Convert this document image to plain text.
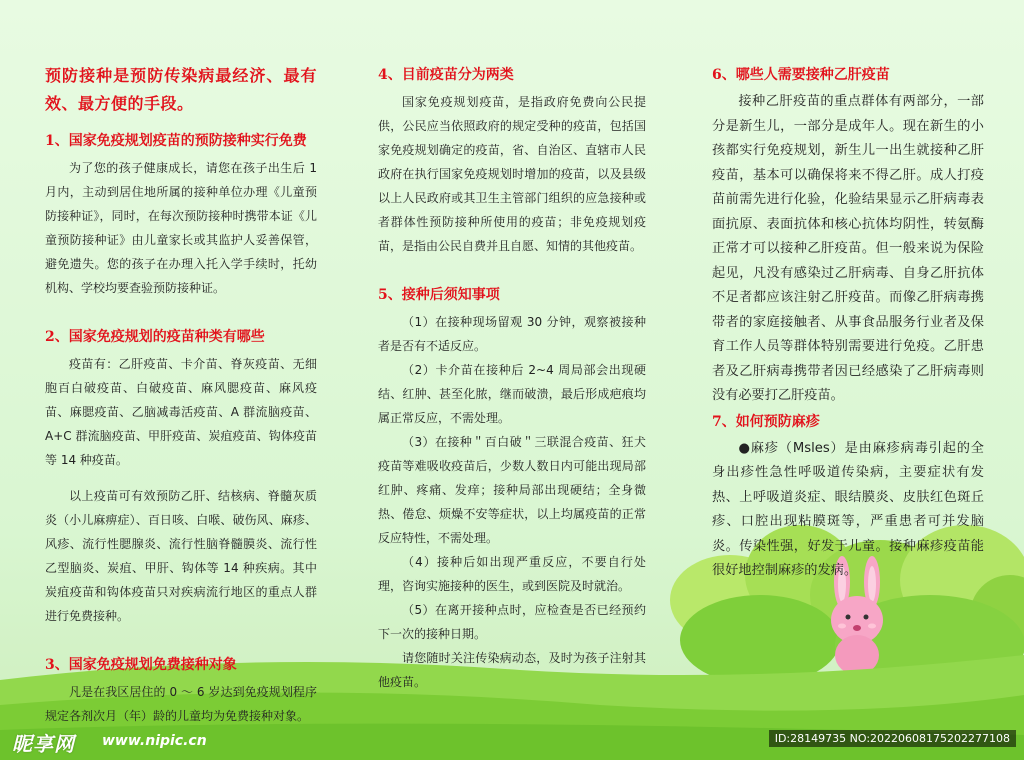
预防接种是预防传染病最经济、最有效、最方便的手段。

1、国家免疫规划疫苗的预防接种实行免费

为了您的孩子健康成长，请您在孩子出生后 1 月内，主动到居住地所属的接种单位办理《儿童预防接种证》，同时，在每次预防接种时携带本证《儿童预防接种证》由儿童家长或其监护人妥善保管，避免遗失。您的孩子在办理入托入学手续时，托幼机构、学校均要查验预防接种证。

2、国家免疫规划的疫苗种类有哪些

疫苗有：乙肝疫苗、卡介苗、脊灰疫苗、无细胞百白破疫苗、白破疫苗、麻风腮疫苗、麻风疫苗、麻腮疫苗、乙脑减毒活疫苗、A 群流脑疫苗、A+C 群流脑疫苗、甲肝疫苗、炭疽疫苗、钩体疫苗等 14 种疫苗。

以上疫苗可有效预防乙肝、结核病、脊髓灰质炎（小儿麻痹症）、百日咳、白喉、破伤风、麻疹、风疹、流行性腮腺炎、流行性脑脊髓膜炎、流行性乙型脑炎、炭疽、甲肝、钩体等 14 种疾病。其中炭疽疫苗和钩体疫苗只对疾病流行地区的重点人群进行免费接种。

3、国家免疫规划免费接种对象

凡是在我区居住的 0 ～ 6 岁达到免疫规划程序规定各剂次月（年）龄的儿童均为免费接种对象。

4、目前疫苗分为两类

国家免疫规划疫苗，是指政府免费向公民提供，公民应当依照政府的规定受种的疫苗，包括国家免疫规划确定的疫苗，省、自治区、直辖市人民政府在执行国家免疫规划时增加的疫苗，以及县级以上人民政府或其卫生主管部门组织的应急接种或者群体性预防接种所使用的疫苗；非免疫规划疫苗，是指由公民自费并且自愿、知情的其他疫苗。

5、接种后须知事项

（1）在接种现场留观 30 分钟，观察被接种者是否有不适反应。

（2）卡介苗在接种后 2~4 周局部会出现硬结、红肿、甚至化脓，继而破溃，最后形成疤痕均属正常反应，不需处理。

（3）在接种＂百白破＂三联混合疫苗、狂犬疫苗等难吸收疫苗后，少数人数日内可能出现局部红肿、疼痛、发痒；接种局部出现硬结；全身微热、倦怠、烦燥不安等症状，以上均属疫苗的正常反应特性，不需处理。

（4）接种后如出现严重反应，不要自行处理，咨询实施接种的医生，或到医院及时就治。

（5）在离开接种点时，应检查是否已经预约下一次的接种日期。

请您随时关注传染病动态，及时为孩子注射其他疫苗。

6、哪些人需要接种乙肝疫苗

接种乙肝疫苗的重点群体有两部分，一部分是新生儿，一部分是成年人。现在新生的小孩都实行免疫规划，新生儿一出生就接种乙肝疫苗，基本可以确保将来不得乙肝。成人打疫苗前需先进行化验，化验结果显示乙肝病毒表面抗原、表面抗体和核心抗体均阴性，转氨酶正常才可以接种乙肝疫苗。但一般来说为保险起见，凡没有感染过乙肝病毒、自身乙肝抗体不足者都应该注射乙肝疫苗。而像乙肝病毒携带者的家庭接触者、从事食品服务行业者及保育工作人员等群体特别需要进行免疫。乙肝患者及乙肝病毒携带者因已经感染了乙肝病毒则没有必要打乙肝疫苗。

7、如何预防麻疹

●麻疹（Msles）是由麻疹病毒引起的全身出疹性急性呼吸道传染病，主要症状有发热、上呼吸道炎症、眼结膜炎、皮肤红色斑丘疹、口腔出现粘膜斑等，严重患者可并发脑炎。传染性强，好发于儿童。接种麻疹疫苗能很好地控制麻疹的发病。

昵享网 www.nipic.cn	ID:28149735 NO:20220608175202277108
